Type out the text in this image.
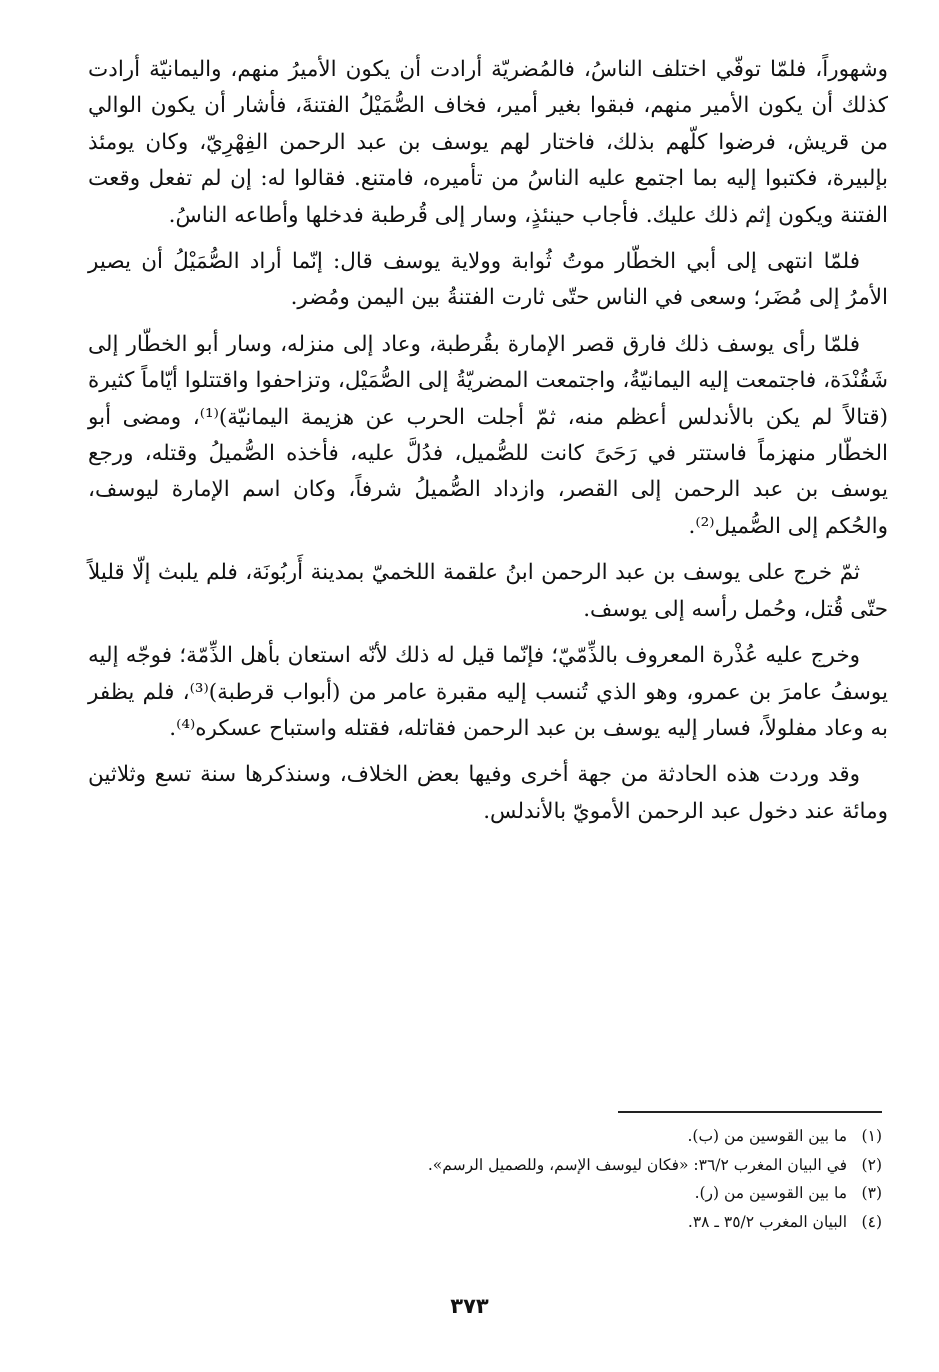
وشهوراً، فلمّا توفّي اختلف الناسُ، فالمُضريّة أرادت أن يكون الأميرُ منهم، واليمانيّة أرادت كذلك أن يكون الأمير منهم، فبقوا بغير أمير، فخاف الصُّمَيْلُ الفتنةَ، فأشار أن يكون الوالي من قريش، فرضوا كلّهم بذلك، فاختار لهم يوسف بن عبد الرحمن الفِهْرِيّ، وكان يومئذ بإلبيرة، فكتبوا إليه بما اجتمع عليه الناسُ من تأميره، فامتنع. فقالوا له: إن لم تفعل وقعت الفتنة ويكون إثم ذلك عليك. فأجاب حينئذٍ، وسار إلى قُرطبة فدخلها وأطاعه الناسُ.

فلمّا انتهى إلى أبي الخطّار موتُ ثُوابة وولاية يوسف قال: إنّما أراد الصُّمَيْلُ أن يصير الأمرُ إلى مُضَر؛ وسعى في الناس حتّى ثارت الفتنةُ بين اليمن ومُضر.

فلمّا رأى يوسف ذلك فارق قصر الإمارة بقُرطبة، وعاد إلى منزله، وسار أبو الخطّار إلى شَقُنْدَة، فاجتمعت إليه اليمانيّةُ، واجتمعت المضريّةُ إلى الصُّمَيْل، وتزاحفوا واقتتلوا أيّاماً كثيرة (قتالاً لم يكن بالأندلس أعظم منه، ثمّ أجلت الحرب عن هزيمة اليمانيّة)⁽¹⁾، ومضى أبو الخطّار منهزماً فاستتر في رَحَىً كانت للصُّميل، فدُلَّ عليه، فأخذه الصُّميلُ وقتله، ورجع يوسف بن عبد الرحمن إلى القصر، وازداد الصُّميلُ شرفاً، وكان اسم الإمارة ليوسف، والحُكم إلى الصُّميل⁽²⁾.

ثمّ خرج على يوسف بن عبد الرحمن ابنُ علقمة اللخميّ بمدينة أَربُونَة، فلم يلبث إلّا قليلاً حتّى قُتل، وحُمل رأسه إلى يوسف.

وخرج عليه عُذْرة المعروف بالذِّمّيّ؛ فإنّما قيل له ذلك لأنّه استعان بأهل الذِّمّة؛ فوجّه إليه يوسفُ عامرَ بن عمرو، وهو الذي تُنسب إليه مقبرة عامر من (أبواب قرطبة)⁽³⁾، فلم يظفر به وعاد مفلولاً، فسار إليه يوسف بن عبد الرحمن فقاتله، فقتله واستباح عسكره⁽⁴⁾.

وقد وردت هذه الحادثة من جهة أخرى وفيها بعض الخلاف، وسنذكرها سنة تسع وثلاثين ومائة عند دخول عبد الرحمن الأمويّ بالأندلس.

(١) ما بين القوسين من (ب).

(٢) في البيان المغرب ٣٦/٢: «فكان ليوسف الإسم، وللصميل الرسم».

(٣) ما بين القوسين من (ر).

(٤) البيان المغرب ٣٥/٢ ـ ٣٨.

٣٧٣
